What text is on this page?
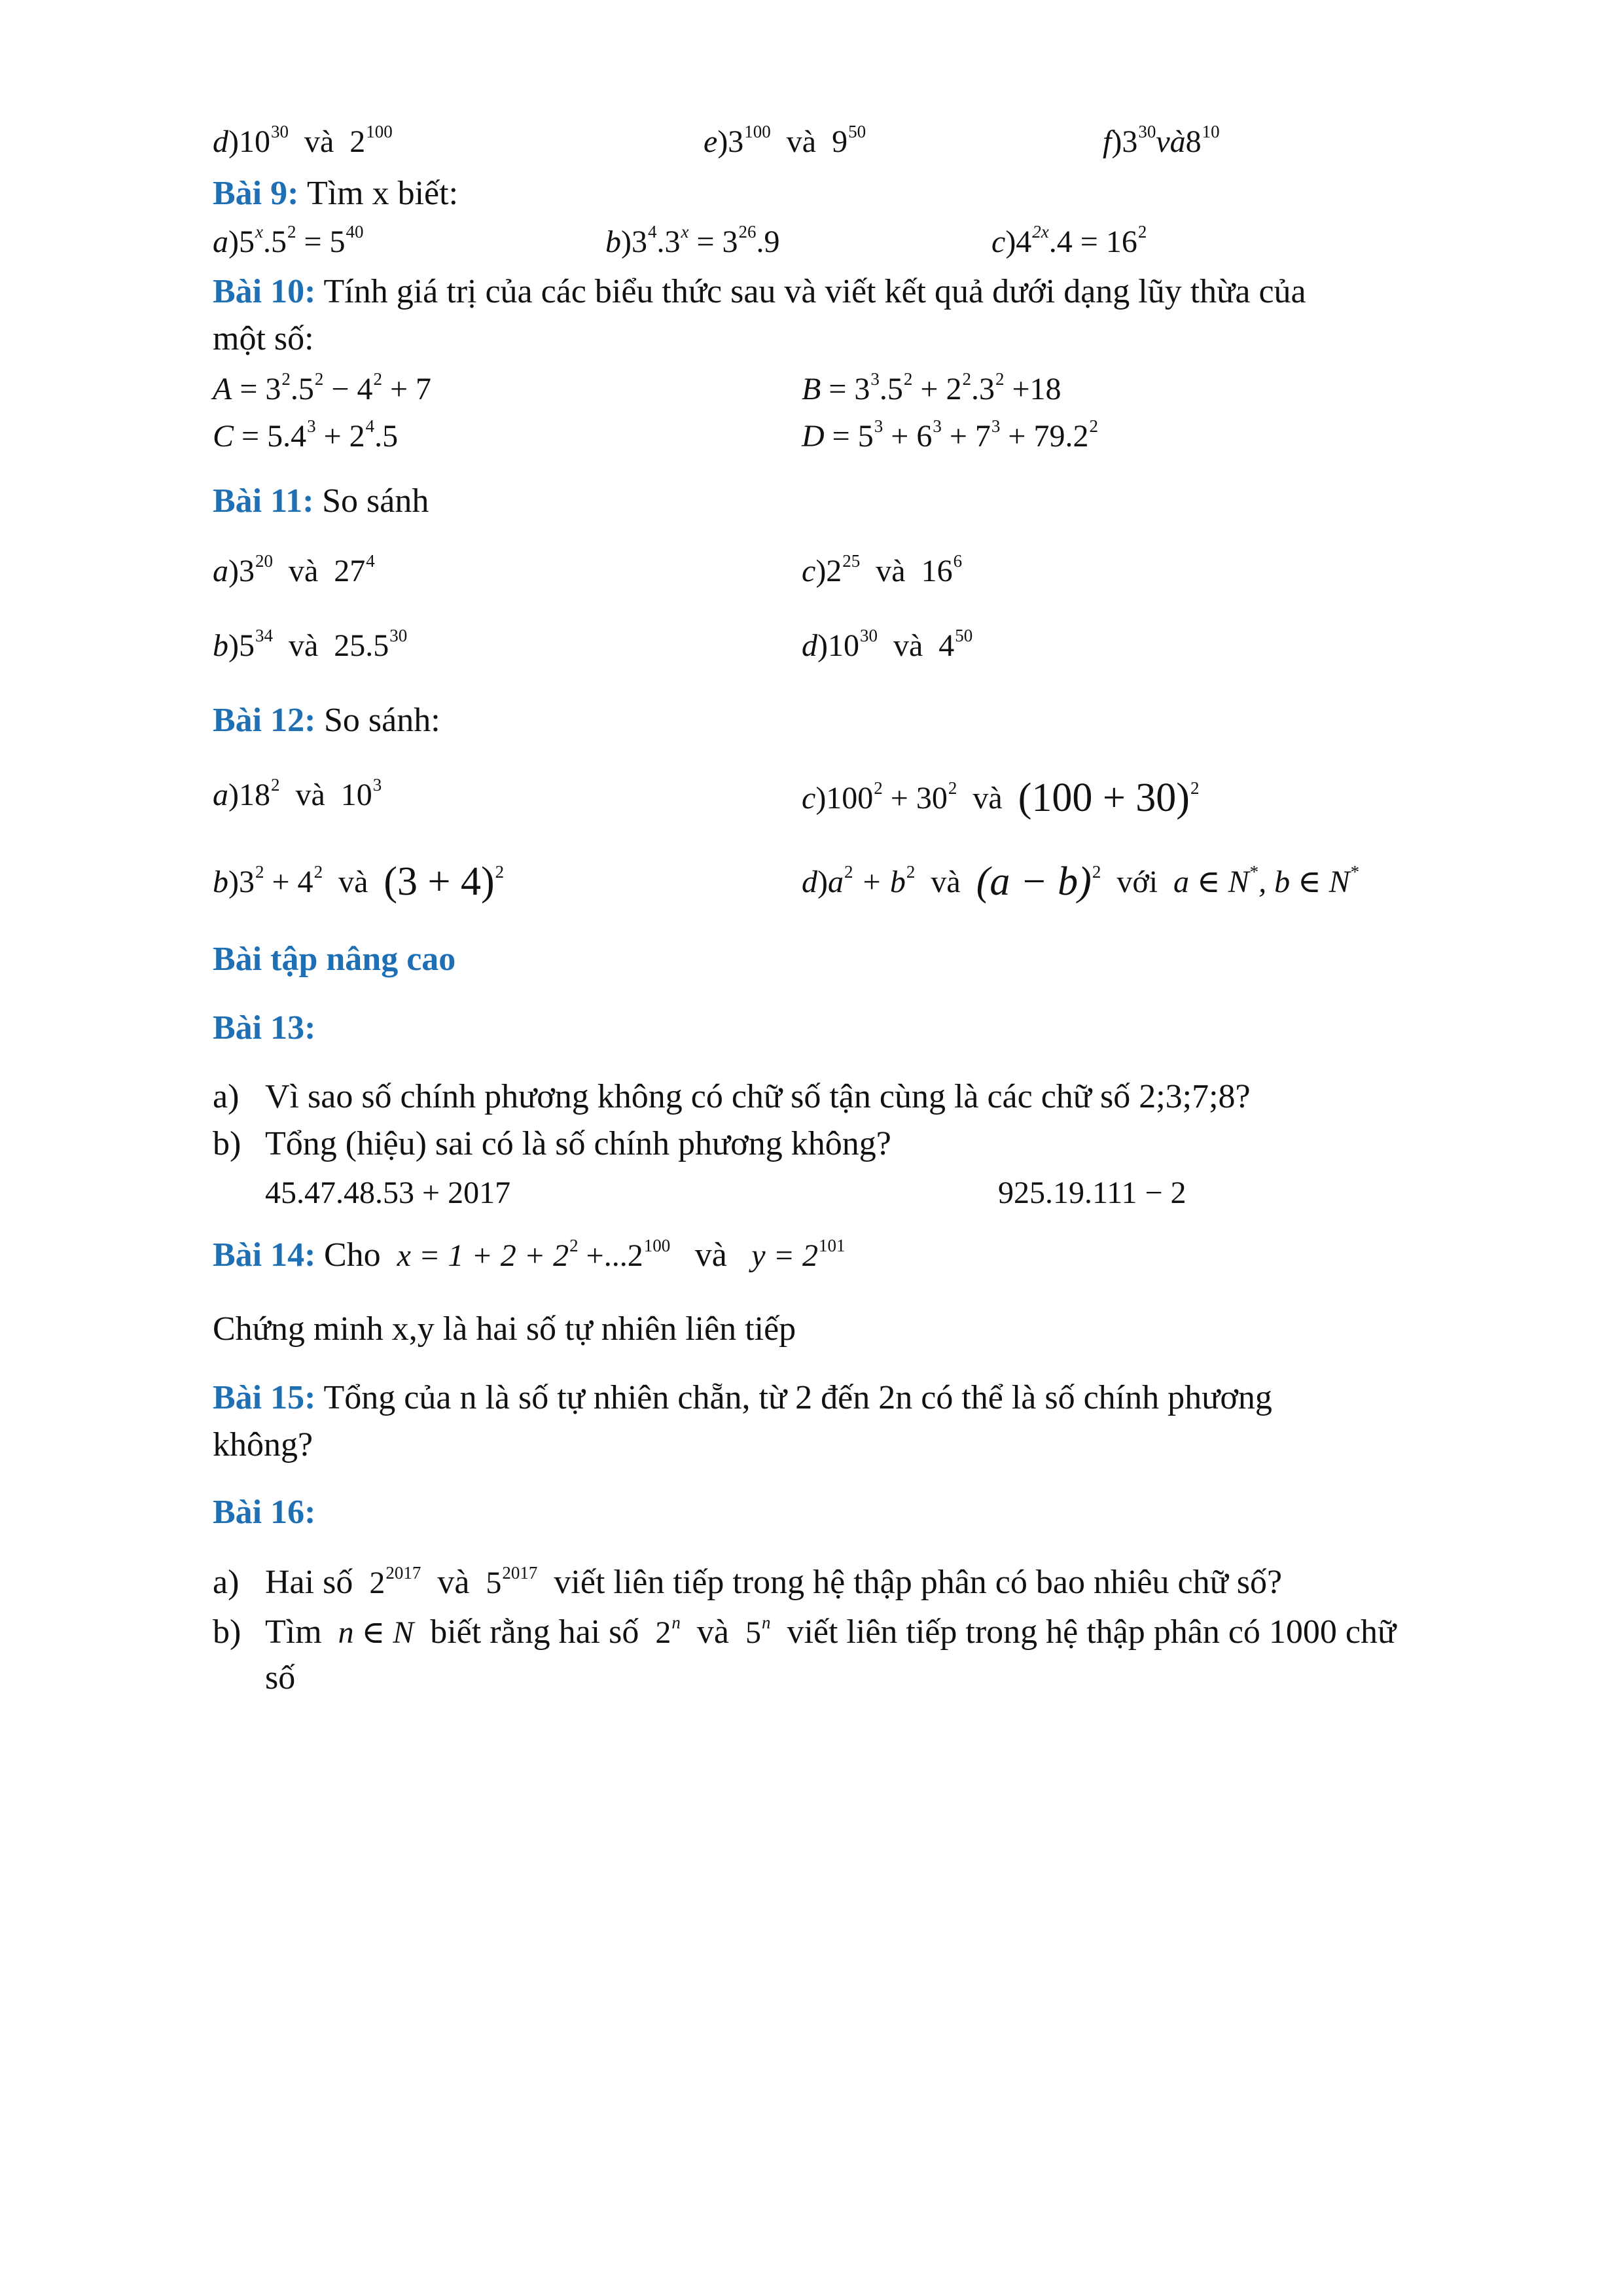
$d)10^{30}$ và $2^{100}$	$e)3^{100}$ và $9^{50}$	$f)3^{30}và8^{10}$
Bài 9: Tìm x biết:
$a)5^x.5^2 = 5^{40}$	$b)3^4.3^x = 3^{26}.9$	$c)4^{2x}.4 = 16^2$
Bài 10: Tính giá trị của các biểu thức sau và viết kết quả dưới dạng lũy thừa của
một số:
$A = 3^2.5^2 - 4^2 + 7$	$B = 3^3.5^2 + 2^2.3^2 +18$
$C = 5.4^3 + 2^4.5$	$D = 5^3 + 6^3 + 7^3 + 79.2^2$
Bài 11: So sánh
$a)3^{20}$ và $27^4$	$c)2^{25}$ và $16^6$
$b)5^{34}$ và 25.5$^{30}$	$d)10^{30}$ và $4^{50}$
Bài 12: So sánh:
$a)18^2$ và $10^3$	$c)100^2 + 30^2$ và $(100 + 30)^2$
$b)3^2 + 4^2$ và $(3 + 4)^2$	$d)a^2 + b^2$ và $(a - b)^2$ với a ∈ N*, b ∈ N*
Bài tập nâng cao
Bài 13:
a) Vì sao số chính phương không có chữ số tận cùng là các chữ số 2;3;7;8?
b) Tổng (hiệu) sai có là số chính phương không?
45.47.48.53 + 2017	925.19.111 − 2
Bài 14: Cho $x = 1 + 2 + 2^2 +...2^{100}$ và $y = 2^{101}$
Chứng minh x,y là hai số tự nhiên liên tiếp
Bài 15: Tổng của n là số tự nhiên chẵn, từ 2 đến 2n có thể là số chính phương
không?
Bài 16:
a) Hai số $2^{2017}$ và $5^{2017}$ viết liên tiếp trong hệ thập phân có bao nhiêu chữ số?
b) Tìm n ∈ N biết rằng hai số 2$^n$ và 5$^n$ viết liên tiếp trong hệ thập phân có 1000 chữ
số
